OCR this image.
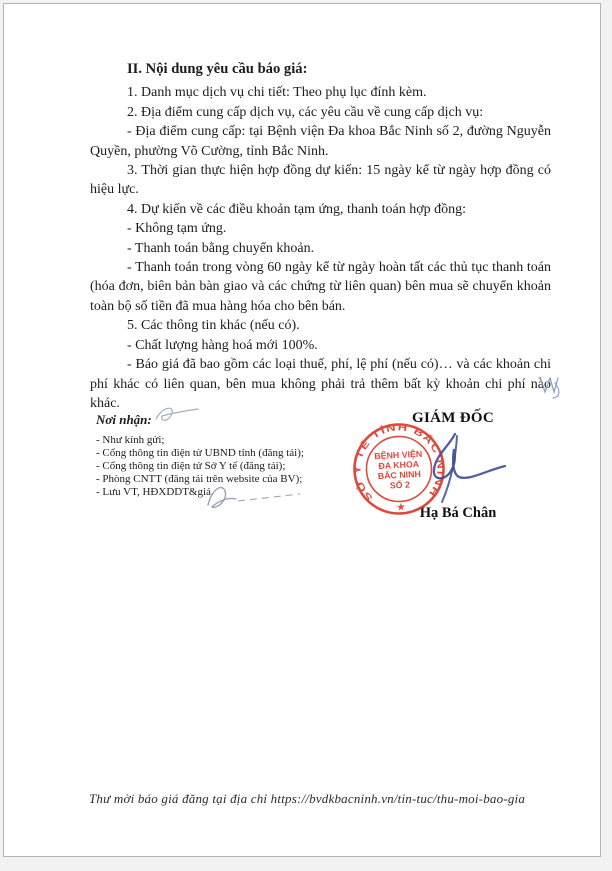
II. Nội dung yêu cầu báo giá:

1. Danh mục dịch vụ chi tiết: Theo phụ lục đính kèm.

2. Địa điểm cung cấp dịch vụ, các yêu cầu về cung cấp dịch vụ:

- Địa điểm cung cấp: tại Bệnh viện Đa khoa Bắc Ninh số 2, đường Nguyễn Quyền, phường Võ Cường, tỉnh Bắc Ninh.

3. Thời gian thực hiện hợp đồng dự kiến: 15 ngày kể từ ngày hợp đồng có hiệu lực.

4. Dự kiến về các điều khoản tạm ứng, thanh toán hợp đồng:

- Không tạm ứng.

- Thanh toán bằng chuyển khoản.

- Thanh toán trong vòng 60 ngày kể từ ngày hoàn tất các thủ tục thanh toán (hóa đơn, biên bản bàn giao và các chứng từ liên quan) bên mua sẽ chuyển khoản toàn bộ số tiền đã mua hàng hóa cho bên bán.

5. Các thông tin khác (nếu có).

- Chất lượng hàng hoá mới 100%.

- Báo giá đã bao gồm các loại thuế, phí, lệ phí (nếu có)… và các khoản chi phí khác có liên quan, bên mua không phải trả thêm bất kỳ khoản chi phí nào khác.

Nơi nhận:
- Như kính gửi;
- Cổng thông tin điện tử UBND tỉnh (đăng tải);
- Cổng thông tin điện tử Sở Y tế (đăng tải);
- Phòng CNTT (đăng tải trên website của BV);
- Lưu VT, HĐXDDT&giá.
GIÁM ĐỐC
Hạ Bá Chân
SỞ Y TẾ TỈNH BẮC NINH
BỆNH VIỆN
ĐA KHOA
BẮC NINH
SỐ 2
★
Thư mời báo giá đăng tại địa chỉ https://bvdkbacninh.vn/tin-tuc/thu-moi-bao-gia
